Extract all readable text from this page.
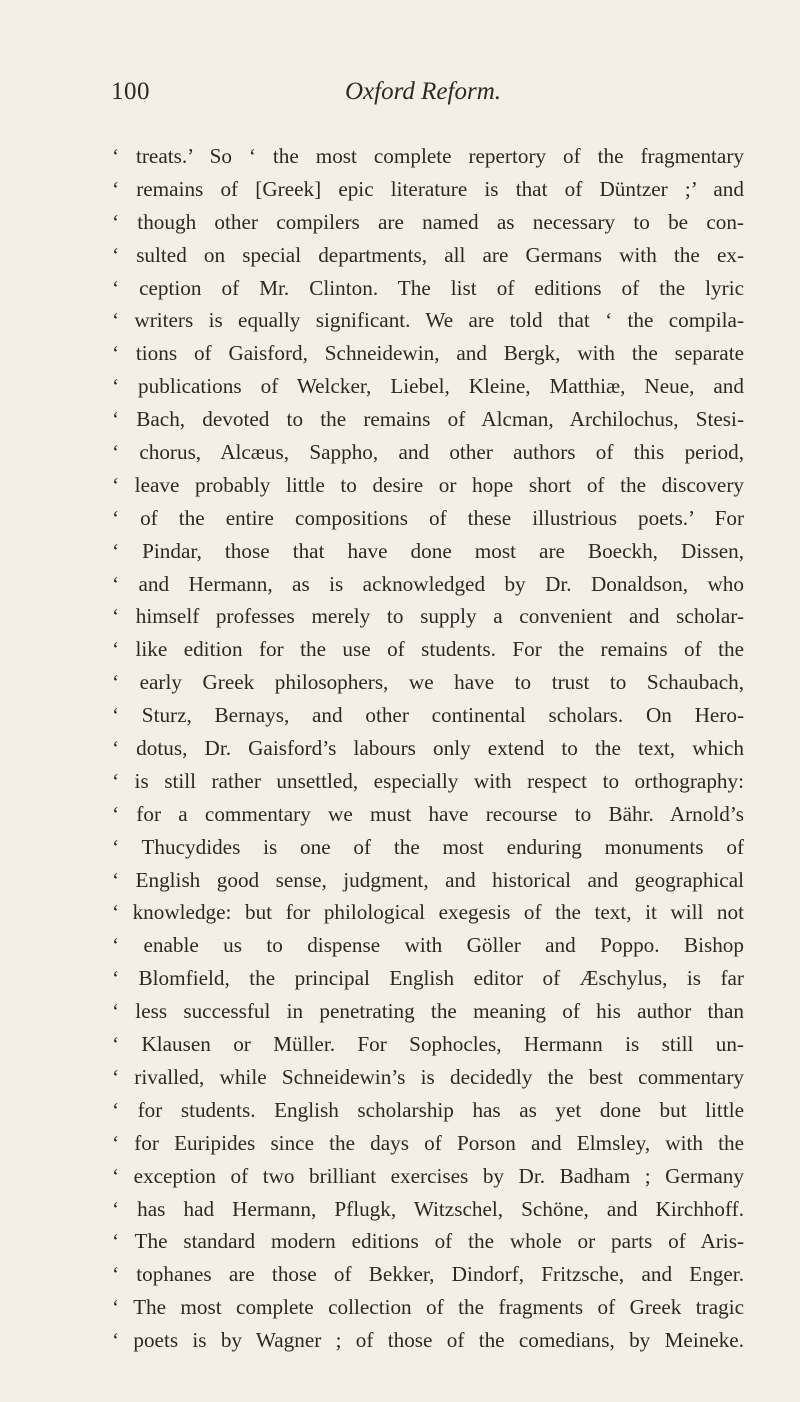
100	Oxford Reform.
‘ treats.’ So ‘ the most complete repertory of the fragmentary
‘ remains of [Greek] epic literature is that of Düntzer ;’ and
‘ though other compilers are named as necessary to be con-
‘ sulted on special departments, all are Germans with the ex-
‘ ception of Mr. Clinton. The list of editions of the lyric
‘ writers is equally significant. We are told that ‘ the compila-
‘ tions of Gaisford, Schneidewin, and Bergk, with the separate
‘ publications of Welcker, Liebel, Kleine, Matthiæ, Neue, and
‘ Bach, devoted to the remains of Alcman, Archilochus, Stesi-
‘ chorus, Alcæus, Sappho, and other authors of this period,
‘ leave probably little to desire or hope short of the discovery
‘ of the entire compositions of these illustrious poets.’ For
‘ Pindar, those that have done most are Boeckh, Dissen,
‘ and Hermann, as is acknowledged by Dr. Donaldson, who
‘ himself professes merely to supply a convenient and scholar-
‘ like edition for the use of students. For the remains of the
‘ early Greek philosophers, we have to trust to Schaubach,
‘ Sturz, Bernays, and other continental scholars. On Hero-
‘ dotus, Dr. Gaisford’s labours only extend to the text, which
‘ is still rather unsettled, especially with respect to orthography:
‘ for a commentary we must have recourse to Bähr. Arnold’s
‘ Thucydides is one of the most enduring monuments of
‘ English good sense, judgment, and historical and geographical
‘ knowledge: but for philological exegesis of the text, it will not
‘ enable us to dispense with Göller and Poppo. Bishop
‘ Blomfield, the principal English editor of Æschylus, is far
‘ less successful in penetrating the meaning of his author than
‘ Klausen or Müller. For Sophocles, Hermann is still un-
‘ rivalled, while Schneidewin’s is decidedly the best commentary
‘ for students. English scholarship has as yet done but little
‘ for Euripides since the days of Porson and Elmsley, with the
‘ exception of two brilliant exercises by Dr. Badham ; Germany
‘ has had Hermann, Pflugk, Witzschel, Schöne, and Kirchhoff.
‘ The standard modern editions of the whole or parts of Aris-
‘ tophanes are those of Bekker, Dindorf, Fritzsche, and Enger.
‘ The most complete collection of the fragments of Greek tragic
‘ poets is by Wagner ; of those of the comedians, by Meineke.
